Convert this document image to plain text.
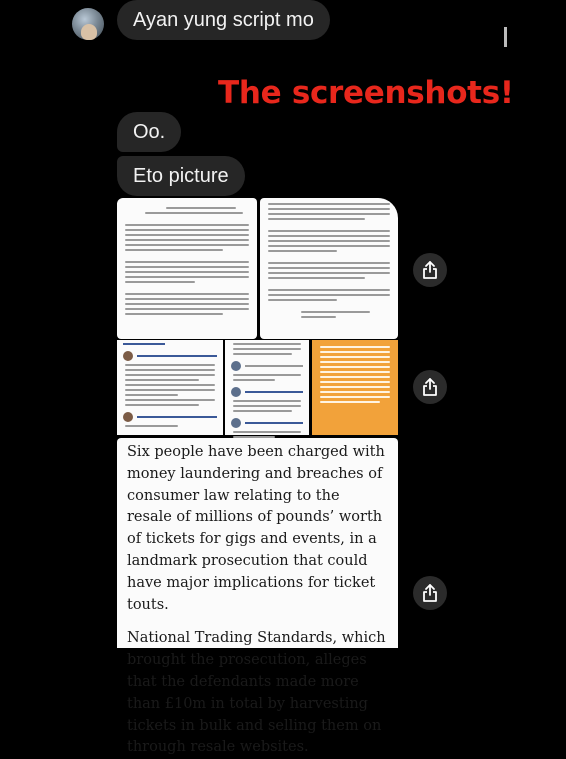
Ayan yung script mo
The screenshots!
Oo.
Eto picture

Six people have been charged with money laundering and breaches of consumer law relating to the resale of millions of pounds’ worth of tickets for gigs and events, in a landmark prosecution that could have major implications for ticket touts.

National Trading Standards, which brought the prosecution, alleges that the defendants made more than £10m in total by harvesting tickets in bulk and selling them on through resale websites.
